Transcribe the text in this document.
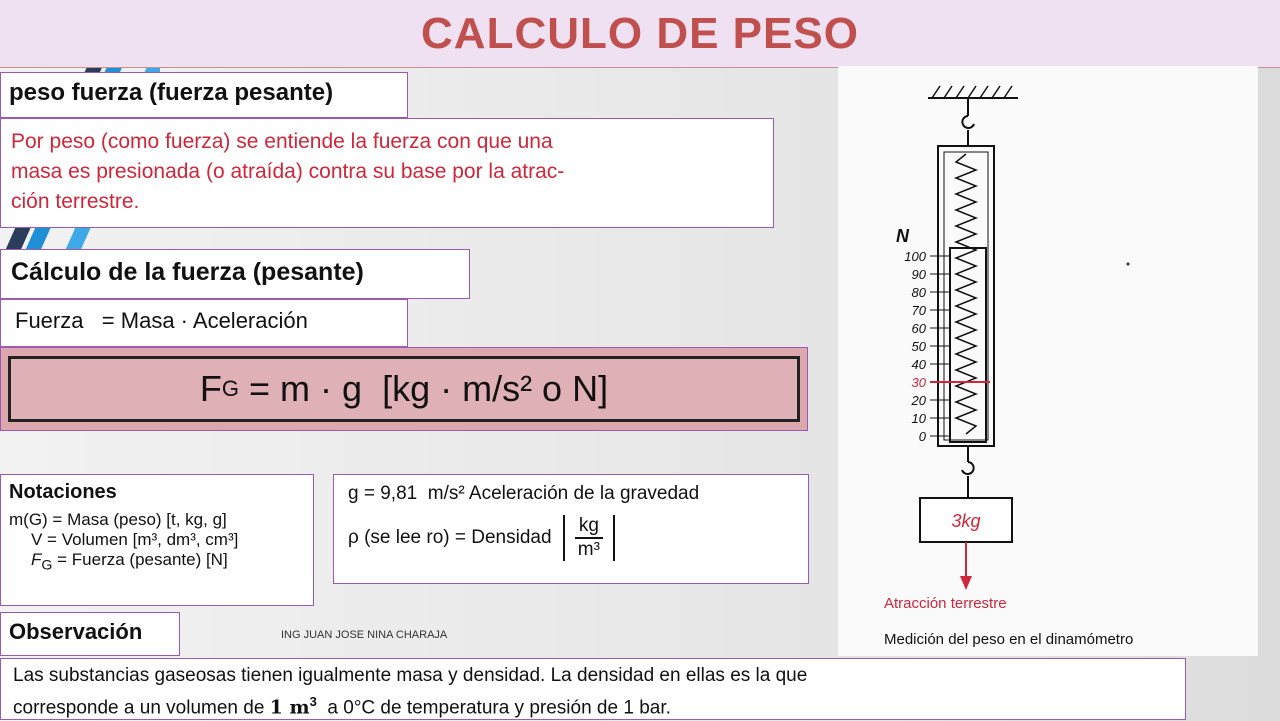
CALCULO DE PESO
peso fuerza (fuerza pesante)
Por peso (como fuerza) se entiende la fuerza con que una
masa es presionada (o atraída) contra su base por la atrac-
ción terrestre.
Cálculo de la fuerza (pesante)
Fuerza   = Masa · Aceleración
F G = m · g  [kg · m/s² o N]
Notaciones
m(G) = Masa (peso) [t, kg, g]
V = Volumen [m³, dm³, cm³]
$F_G$ = Fuerza (pesante) [N]
g = 9,81  m/s² Aceleración de la gravedad
ρ (se lee ro) = Densidad $\frac{kg}{\text{m³}}$
Observación	ING JUAN JOSE NINA CHARAJA
Las substancias gaseosas tienen igualmente masa y densidad. La densidad en ellas es la que
corresponde a un volumen de 1 $m^3$  a 0°C de temperatura y presión de 1 bar.
100
90
80
70
60
50
40
30
20
10
0
N
3kg
Atracción terrestre
Medición del peso en el dinamómetro
